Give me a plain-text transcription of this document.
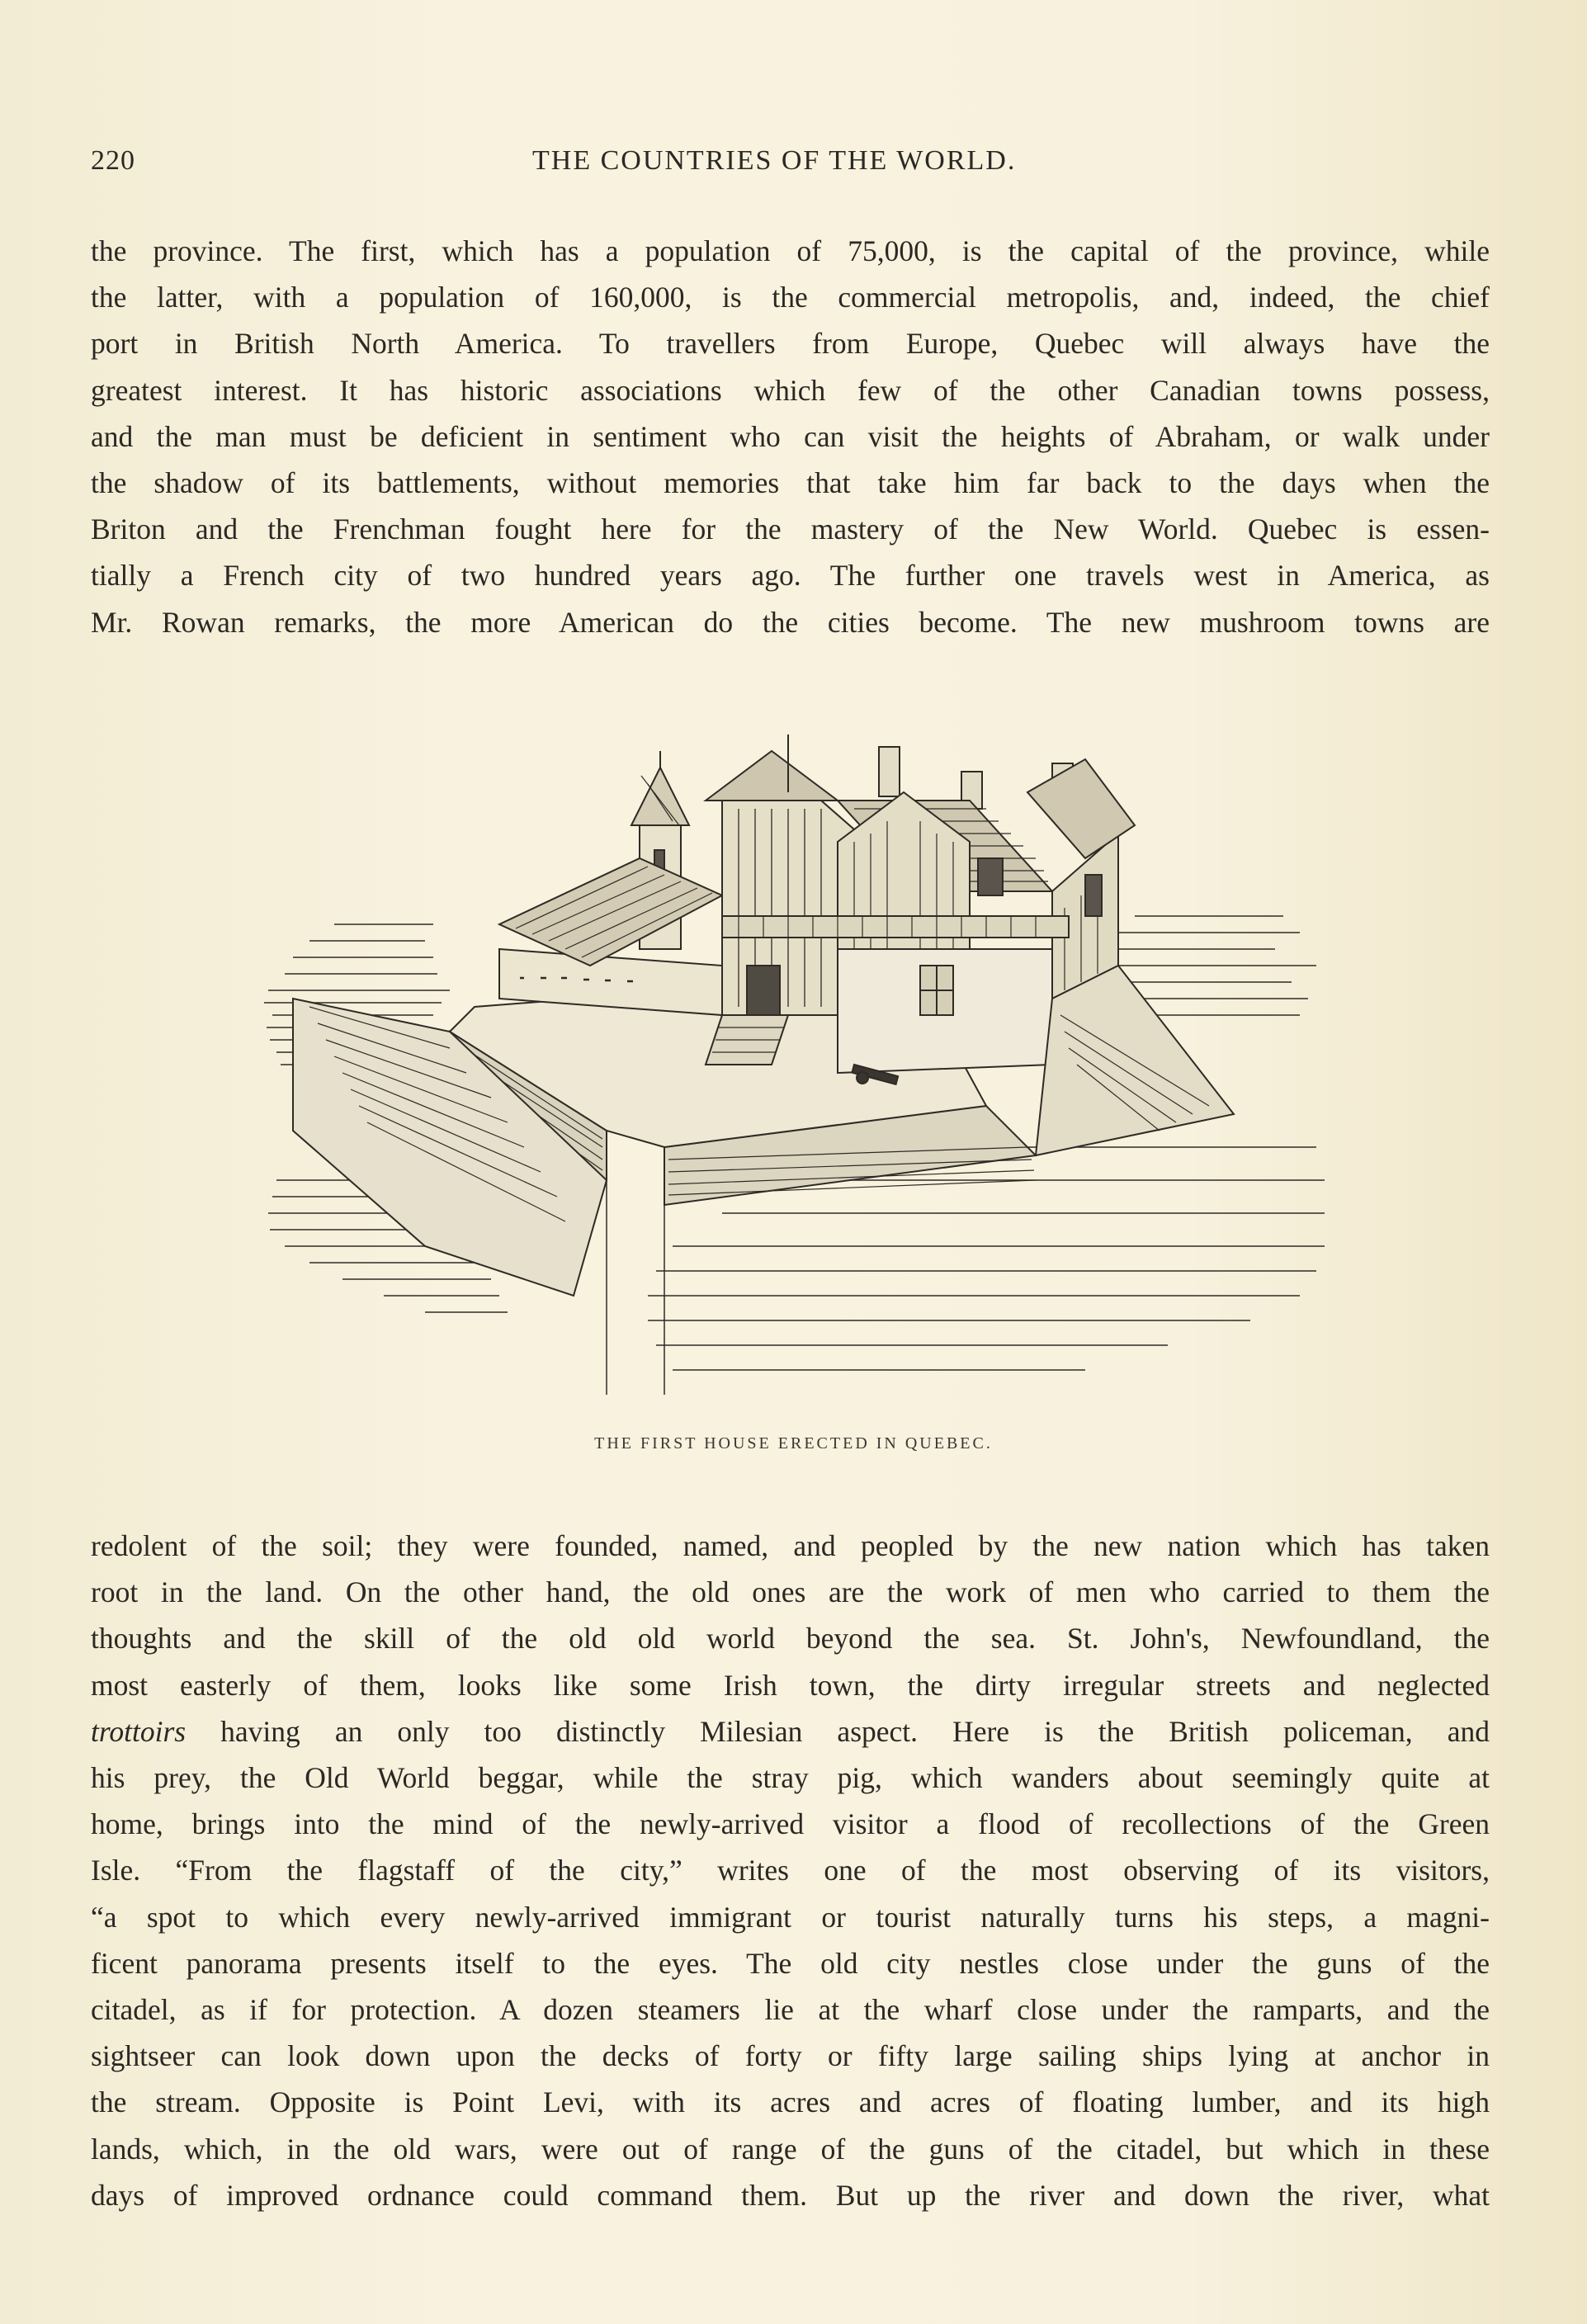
220	THE COUNTRIES OF THE WORLD.
the province. The first, which has a population of 75,000, is the capital of the province, while
the latter, with a population of 160,000, is the commercial metropolis, and, indeed, the chief
port in British North America. To travellers from Europe, Quebec will always have the
greatest interest. It has historic associations which few of the other Canadian towns possess,
and the man must be deficient in sentiment who can visit the heights of Abraham, or walk under
the shadow of its battlements, without memories that take him far back to the days when the
Briton and the Frenchman fought here for the mastery of the New World. Quebec is essen-
tially a French city of two hundred years ago. The further one travels west in America, as
Mr. Rowan remarks, the more American do the cities become. The new mushroom towns are
THE FIRST HOUSE ERECTED IN QUEBEC.
redolent of the soil; they were founded, named, and peopled by the new nation which has taken
root in the land. On the other hand, the old ones are the work of men who carried to them the
thoughts and the skill of the old old world beyond the sea. St. John's, Newfoundland, the
most easterly of them, looks like some Irish town, the dirty irregular streets and neglected
trottoirs having an only too distinctly Milesian aspect. Here is the British policeman, and
his prey, the Old World beggar, while the stray pig, which wanders about seemingly quite at
home, brings into the mind of the newly-arrived visitor a flood of recollections of the Green
Isle. “From the flagstaff of the city,” writes one of the most observing of its visitors,
“a spot to which every newly-arrived immigrant or tourist naturally turns his steps, a magni-
ficent panorama presents itself to the eyes. The old city nestles close under the guns of the
citadel, as if for protection. A dozen steamers lie at the wharf close under the ramparts, and the
sightseer can look down upon the decks of forty or fifty large sailing ships lying at anchor in
the stream. Opposite is Point Levi, with its acres and acres of floating lumber, and its high
lands, which, in the old wars, were out of range of the guns of the citadel, but which in these
days of improved ordnance could command them. But up the river and down the river, what
